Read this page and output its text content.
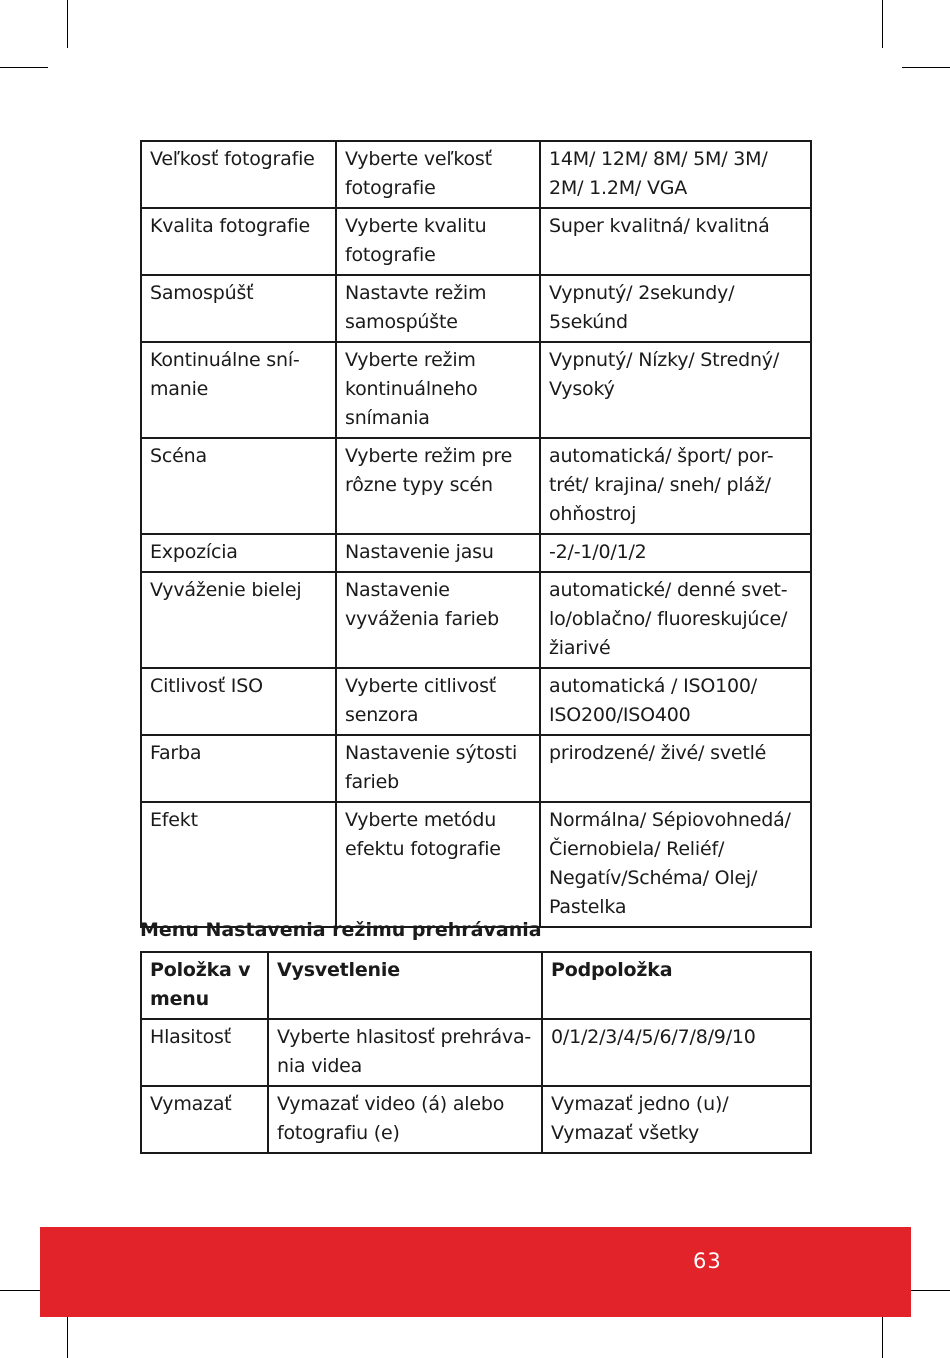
Veľkosť fotografie	Vyberte veľkosť fotografie	14M/ 12M/ 8M/ 5M/ 3M/ 2M/ 1.2M/ VGA
Kvalita fotografie	Vyberte kvalitu fotografie	Super kvalitná/ kvalitná
Samospúšť	Nastavte režim samospúšte	Vypnutý/ 2sekundy/ 5sekúnd
Kontinuálne sní-manie	Vyberte režim kontinuálneho snímania	Vypnutý/ Nízky/ Stredný/ Vysoký
Scéna	Vyberte režim pre rôzne typy scén	automatická/ šport/ por-trét/ krajina/ sneh/ pláž/ ohňostroj
Expozícia	Nastavenie jasu	-2/-1/0/1/2
Vyváženie bielej	Nastavenie vyváženia farieb	automatické/ denné svet-lo/oblačno/ fluoreskujúce/ žiarivé
Citlivosť ISO	Vyberte citlivosť senzora	automatická / ISO100/ ISO200/ISO400
Farba	Nastavenie sýtosti farieb	prirodzené/ živé/ svetlé
Efekt	Vyberte metódu efektu fotografie	Normálna/ Sépiovohnedá/ Čiernobiela/ Reliéf/ Negatív/Schéma/ Olej/ Pastelka
Menu Nastavenia režimu prehrávania
Položka v menu	Vysvetlenie	Podpoložka
Hlasitosť	Vyberte hlasitosť prehráva-nia videa	0/1/2/3/4/5/6/7/8/9/10
Vymazať	Vymazať video (á) alebo fotografiu (e)	Vymazať jedno (u)/ Vymazať všetky
63
